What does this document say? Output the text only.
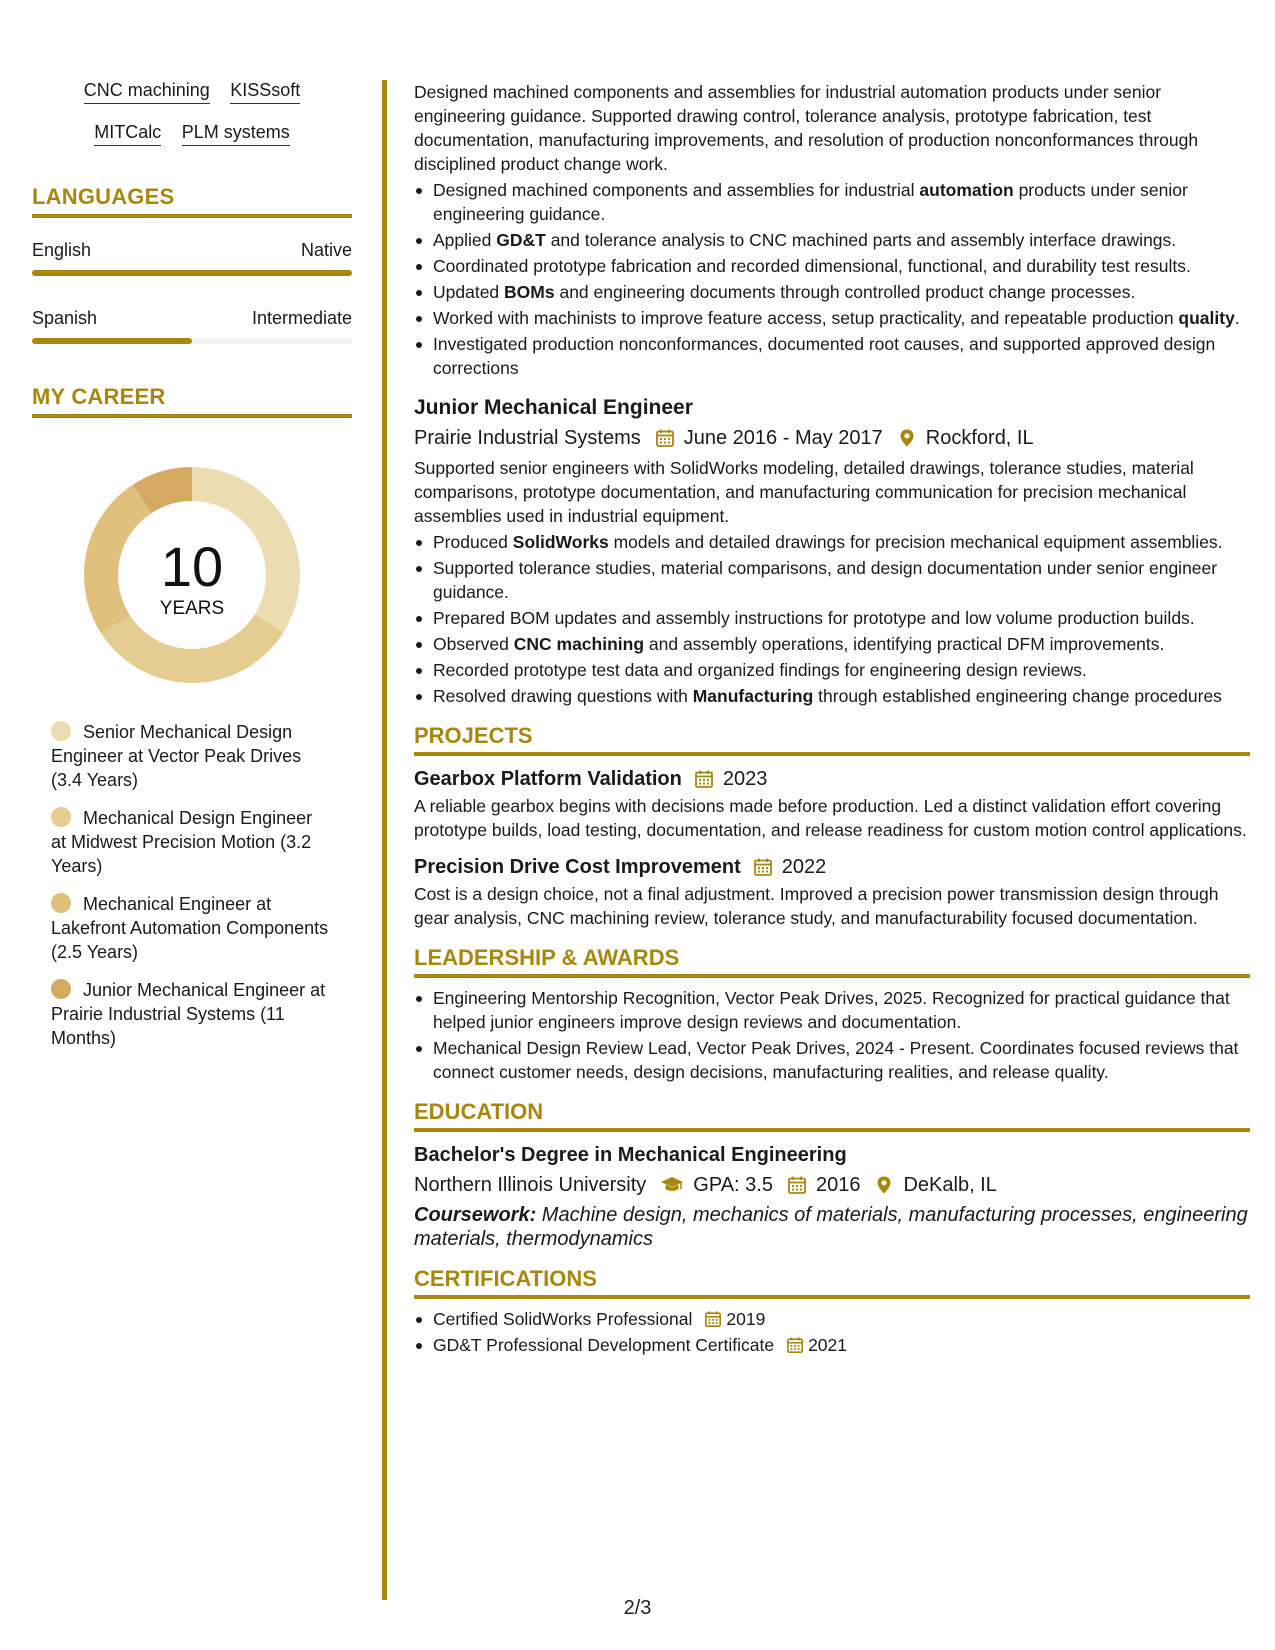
CNC machining KISSsoft
MITCalc PLM systems
LANGUAGES
English	Native
Spanish	Intermediate
MY CAREER
10
YEARS
Senior Mechanical Design Engineer at Vector Peak Drives (3.4 Years)
Mechanical Design Engineer at Midwest Precision Motion (3.2 Years)
Mechanical Engineer at Lakefront Automation Components (2.5 Years)
Junior Mechanical Engineer at Prairie Industrial Systems (11 Months)
Designed machined components and assemblies for industrial automation products under senior engineering guidance. Supported drawing control, tolerance analysis, prototype fabrication, test documentation, manufacturing improvements, and resolution of production nonconformances through disciplined product change work.
Designed machined components and assemblies for industrial automation products under senior engineering guidance.
Applied GD&T and tolerance analysis to CNC machined parts and assembly interface drawings.
Coordinated prototype fabrication and recorded dimensional, functional, and durability test results.
Updated BOMs and engineering documents through controlled product change processes.
Worked with machinists to improve feature access, setup practicality, and repeatable production quality.
Investigated production nonconformances, documented root causes, and supported approved design corrections
Junior Mechanical Engineer
Prairie Industrial Systems June 2016 - May 2017 Rockford, IL
Supported senior engineers with SolidWorks modeling, detailed drawings, tolerance studies, material comparisons, prototype documentation, and manufacturing communication for precision mechanical assemblies used in industrial equipment.
Produced SolidWorks models and detailed drawings for precision mechanical equipment assemblies.
Supported tolerance studies, material comparisons, and design documentation under senior engineer guidance.
Prepared BOM updates and assembly instructions for prototype and low volume production builds.
Observed CNC machining and assembly operations, identifying practical DFM improvements.
Recorded prototype test data and organized findings for engineering design reviews.
Resolved drawing questions with Manufacturing through established engineering change procedures
PROJECTS
Gearbox Platform Validation 2023
A reliable gearbox begins with decisions made before production. Led a distinct validation effort covering prototype builds, load testing, documentation, and release readiness for custom motion control applications.
Precision Drive Cost Improvement 2022
Cost is a design choice, not a final adjustment. Improved a precision power transmission design through gear analysis, CNC machining review, tolerance study, and manufacturability focused documentation.
LEADERSHIP & AWARDS
Engineering Mentorship Recognition, Vector Peak Drives, 2025. Recognized for practical guidance that helped junior engineers improve design reviews and documentation.
Mechanical Design Review Lead, Vector Peak Drives, 2024 - Present. Coordinates focused reviews that connect customer needs, design decisions, manufacturing realities, and release quality.
EDUCATION
Bachelor's Degree in Mechanical Engineering
Northern Illinois University GPA: 3.5 2016 DeKalb, IL
Coursework: Machine design, mechanics of materials, manufacturing processes, engineering materials, thermodynamics
CERTIFICATIONS
Certified SolidWorks Professional 2019
GD&T Professional Development Certificate 2021
2/3
